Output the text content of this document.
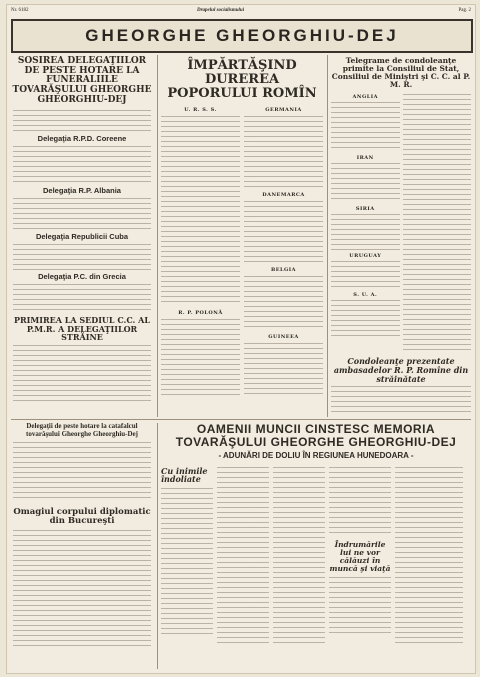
Nr. 6182	Drapelul socialismului	Pag. 2
GHEORGHE GHEORGHIU-DEJ
SOSIREA DELEGAŢIILOR DE PESTE HOTARE LA FUNERALIILE TOVARĂŞULUI GHEORGHE GHEORGHIU-DEJ
Delegaţia R.P.D. Coreene
Delegaţia R.P. Albania
Delegaţia Republicii Cuba
Delegaţia P.C. din Grecia
PRIMIREA LA SEDIUL C.C. AL P.M.R. A DELEGAŢIILOR STRĂINE
ÎMPĂRTĂŞIND DUREREA POPORULUI ROMÎN
U. R. S. S.
R. P. POLONĂ
GERMANIA
DANEMARCA
BELGIA
GUINEEA
Telegrame de condoleanţe primite la Consiliul de Stat, Consiliul de Miniştri şi C. C. al P. M. R.
ANGLIA
IRAN
SIRIA
URUGUAY
S. U. A.
Condoleanţe prezentate ambasadelor R. P. Romîne din străinătate
Delegaţii de peste hotare la catafalcul tovarăşului Gheorghe Gheorghiu-Dej
Omagiul corpului diplomatic din Bucureşti
OAMENII MUNCII CINSTESC MEMORIA TOVARĂŞULUI GHEORGHE GHEORGHIU-DEJ
- ADUNĂRI DE DOLIU ÎN REGIUNEA HUNEDOARA -
Cu inimile îndoliate
Îndrumările lui ne vor călăuzi în muncă şi viaţă
